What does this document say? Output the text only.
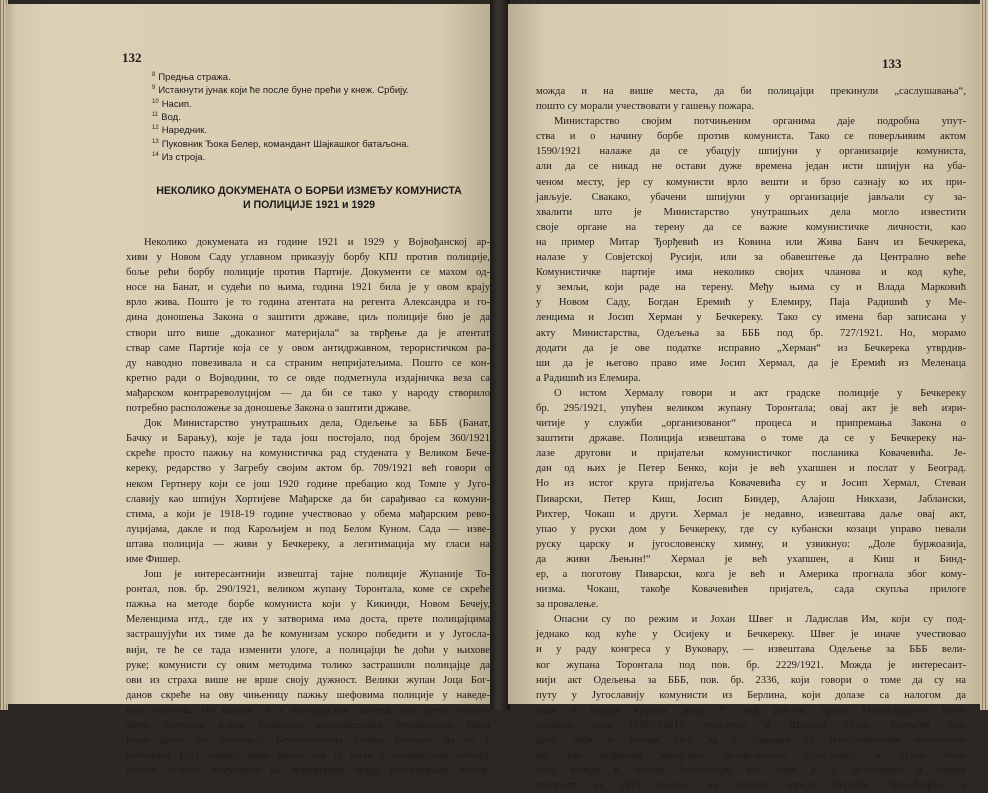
132
$^8$ Предња стража.
$^9$ Истакнути јунак који ће после буне прећи у кнеж. Србију.
$^{10}$ Насип.
$^{11}$ Вод.
$^{12}$ Наредник.
$^{13}$ Пуковник Ђока Белер, командант Шајкашког батаљона.
$^{14}$ Из строја.
НЕКОЛИКО ДОКУМЕНАТА О БОРБИ ИЗМЕЂУ КОМУНИСТА
И ПОЛИЦИЈЕ 1921 и 1929
Неколико докумената из године 1921 и 1929 у Војвођанској ар-
хиви у Новом Саду углавном приказују борбу КПЈ против полиције,
боље рећи борбу полиције против Партије. Документи се махом од-
носе на Банат, и судећи по њима, година 1921 била је у овом крају
врло жива. Пошто је то година атентата на регента Александра и го-
дина доношења Закона о заштити државе, циљ полиције био је да
створи што више „доказног материјала“ за тврђење да је атентат
ствар саме Партије која се у овом антидржавном, терористичком ра-
ду наводно повезивала и са страним непријатељима. Пошто се кон-
кретно ради о Војводини, то се овде подметнула издајничка веза са
мађарском контрареволуцијом — да би се тако у народу створило
потребно расположење за доношење Закона о заштити државе.
Док Министарство унутрашњих дела, Одељење за БББ (Банат,
Бачку и Барању), које је тада још постојало, под бројем 360/1921
скреће просто пажњу на комунистичка рад студената у Великом Бече-
кереку, редарство у Загребу својим актом бр. 709/1921 већ говори о
неком Гертнеру који се још 1920 године пребацио код Томпе у Југо-
славију као шпијун Хортијеве Мађарске да би сарађивао са комуни-
стима, а који је 1918-19 године учествовао у обема мађарским рево-
луцијама, дакле и под Карољијем и под Белом Куном. Сада — изве-
штава полиција — живи у Бечкереку, а легитимација му гласи на
име Фишер.
Још је интересантнији извештај тајне полиције Жупаније То-
ронтал, пов. бр. 290/1921, великом жупану Торонтала, коме се скреће
пажња на методе борбе комуниста који у Кикинди, Новом Бечеју,
Меленцима итд., где их у затворима има доста, прете полицајцима
застрашујући их тиме да ће комунизам ускоро победити и у Југосла-
вији, те ће се тада изменити улоге, а полицајци ће доћи у њихове
руке; комунисти су овим методима толико застрашили полицајце да
ови из страха више не врше своју дужност. Велики жупан Јоца Бог-
данов скреће на ову чињеницу пажњу шефовима полиције у наведе-
ним местима. Не налази се у полицијским актима, али треба забеле-
жити, причање једног тадашњег комунистичког руководиоца (кога
један други акт спомиње), Бечкеречанина Јосипа Хермала, да су у
Бечкереку 1921 године, једно време док су били у полицијском затвору
стално тучени, комунисти на периферији града инсценирали пожар,
133
можда и на више места, да би полицајци прекинули „саслушавања“,
пошто су морали учествовати у гашењу пожара.
Министарство својим потчињеним органима даје подробна упут-
ства и о начину борбе против комуниста. Тако се поверљивим актом
1590/1921 налаже да се убацују шпијуни у организације комуниста,
али да се никад не остави дуже времена један исти шпијун на уба-
ченом месту, јер су комунисти врло вешти и брзо сазнају ко их при-
јављује. Свакако, убачени шпијуни у организације јављали су за-
хвалити што је Министарство унутрашњих дела могло известити
своје органе на терену да се важне комунистичке личности, као
на пример Митар Ђорђевић из Ковина или Жива Банч из Бечкерека,
налазе у Совјетској Русији, или за обавештење да Централно веће
Комунистичке партије има неколико својих чланова и код куће,
у земљи, који раде на терену. Међу њима су и Влада Марковић
у Новом Саду, Богдан Еремић у Елемиру, Паја Радишић у Ме-
ленцима и Јосип Херман у Бечкереку. Тако су имена бар записана у
акту Министарства, Одељења за БББ под бр. 727/1921. Но, морамо
додати да је ове податке исправио „Херман“ из Бечкерека утврдив-
ши да је његово право име Јосип Хермал, да је Еремић из Меленаца
а Радишић из Елемира.
О истом Хермалу говори и акт градске полиције у Бечкереку
бр. 295/1921, упућен великом жупану Торонтала; овај акт је већ изри-
читије у служби „организованог“ процеса и припремања Закона о
заштити државе. Полиција извештава о томе да се у Бечкереку на-
лазе другови и пријатељи комунистичког посланика Ковачевића. Је-
дан од њих је Петер Бенко, који је већ ухапшен и послат у Београд.
Но из истог круга пријатеља Ковачевића су и Јосип Хермал, Стеван
Пиварски, Петер Киш, Јосип Биндер, Алајош Никхази, Јаблански,
Рихтер, Чокаш и други. Хермал је недавно, извештава даље овај акт,
упао у руски дом у Бечкереку, где су кубански козаци управо певали
руску царску и југословенску химну, и узвикнуо: „Доле буржоазија,
да живи Љењин!“ Хермал је већ ухапшен, а Киш и Бинд-
ер, а поготову Пиварски, кога је већ и Америка прогнала због кому-
низма. Чокаш, такође Ковачевићев пријатељ, сада скупља прилоге
за провалење.
Опасни су по режим и Јохан Швег и Ладислав Им, који су под-
једнако код куће у Осијеку и Бечкереку. Швег је иначе учествовао
и у раду конгреса у Вуковару, — извештава Одељење за БББ вели-
ког жупана Торонтала под пов. бр. 2229/1921. Можда је интересант-
нији акт Одељења за БББ, пов. бр. 2336, који говори о томе да су на
путу у Југославију комунисти из Берлина, који долазе са налогом да
баце у ваздух краљев двор. У овој работи, према Министарству унут-
рашњих дела (2607/1921), учествује и Шандор Олах, Хортијев гар-
дист, чији је ближи циљ да у сарадњи са југословенским комуниста-
ма, као мађарски диверзант, дезорганизује Југославију, и путем атен-
тата, можда и против Александра. Но, овде је у Југославији и бивши
терорист из 1919 године, из чувеног одреда Черније: Зинг-Хофер, а
